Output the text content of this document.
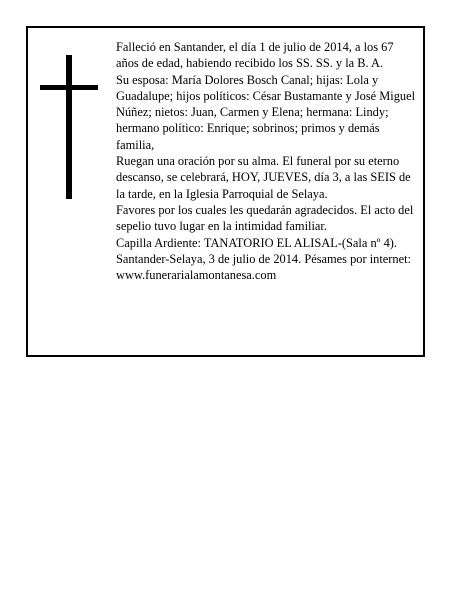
Falleció en Santander, el día 1 de julio de 2014, a los 67 años de edad, habiendo recibido los SS. SS. y la B. A.

Su esposa: María Dolores Bosch Canal; hijas: Lola y Guadalupe; hijos políticos: César Bustamante y José Miguel Núñez; nietos: Juan, Carmen y Elena; hermana: Lindy; hermano político: Enrique; sobrinos; primos y demás familia,

Ruegan una oración por su alma. El funeral por su eterno descanso, se celebrará, HOY, JUEVES, día 3, a las SEIS de la tarde, en la Iglesia Parroquial de Selaya.

Favores por los cuales les quedarán agradecidos. El acto del sepelio tuvo lugar en la intimidad familiar.

Capilla Ardiente: TANATORIO EL ALISAL-(Sala nº 4).

Santander-Selaya, 3 de julio de 2014. Pésames por internet: www.funerarialamontanesa.com
